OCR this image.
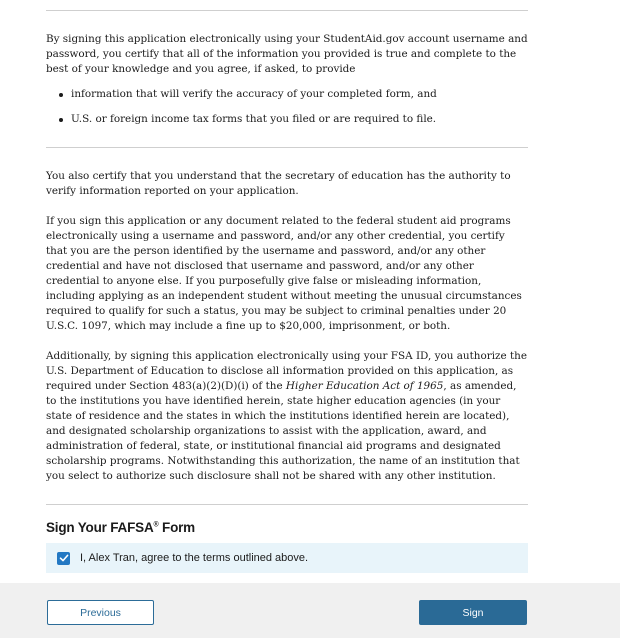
By signing this application electronically using your StudentAid.gov account username and password, you certify that all of the information you provided is true and complete to the best of your knowledge and you agree, if asked, to provide

information that will verify the accuracy of your completed form, and
U.S. or foreign income tax forms that you filed or are required to file.

You also certify that you understand that the secretary of education has the authority to verify information reported on your application.

If you sign this application or any document related to the federal student aid programs electronically using a username and password, and/or any other credential, you certify that you are the person identified by the username and password, and/or any other credential and have not disclosed that username and password, and/or any other credential to anyone else. If you purposefully give false or misleading information, including applying as an independent student without meeting the unusual circumstances required to qualify for such a status, you may be subject to criminal penalties under 20 U.S.C. 1097, which may include a fine up to $20,000, imprisonment, or both.

Additionally, by signing this application electronically using your FSA ID, you authorize the U.S. Department of Education to disclose all information provided on this application, as required under Section 483(a)(2)(D)(i) of the Higher Education Act of 1965, as amended, to the institutions you have identified herein, state higher education agencies (in your state of residence and the states in which the institutions identified herein are located), and designated scholarship organizations to assist with the application, award, and administration of federal, state, or institutional financial aid programs and designated scholarship programs. Notwithstanding this authorization, the name of an institution that you select to authorize such disclosure shall not be shared with any other institution.

Sign Your FAFSA® Form
I, Alex Tran, agree to the terms outlined above.
Previous	Sign
